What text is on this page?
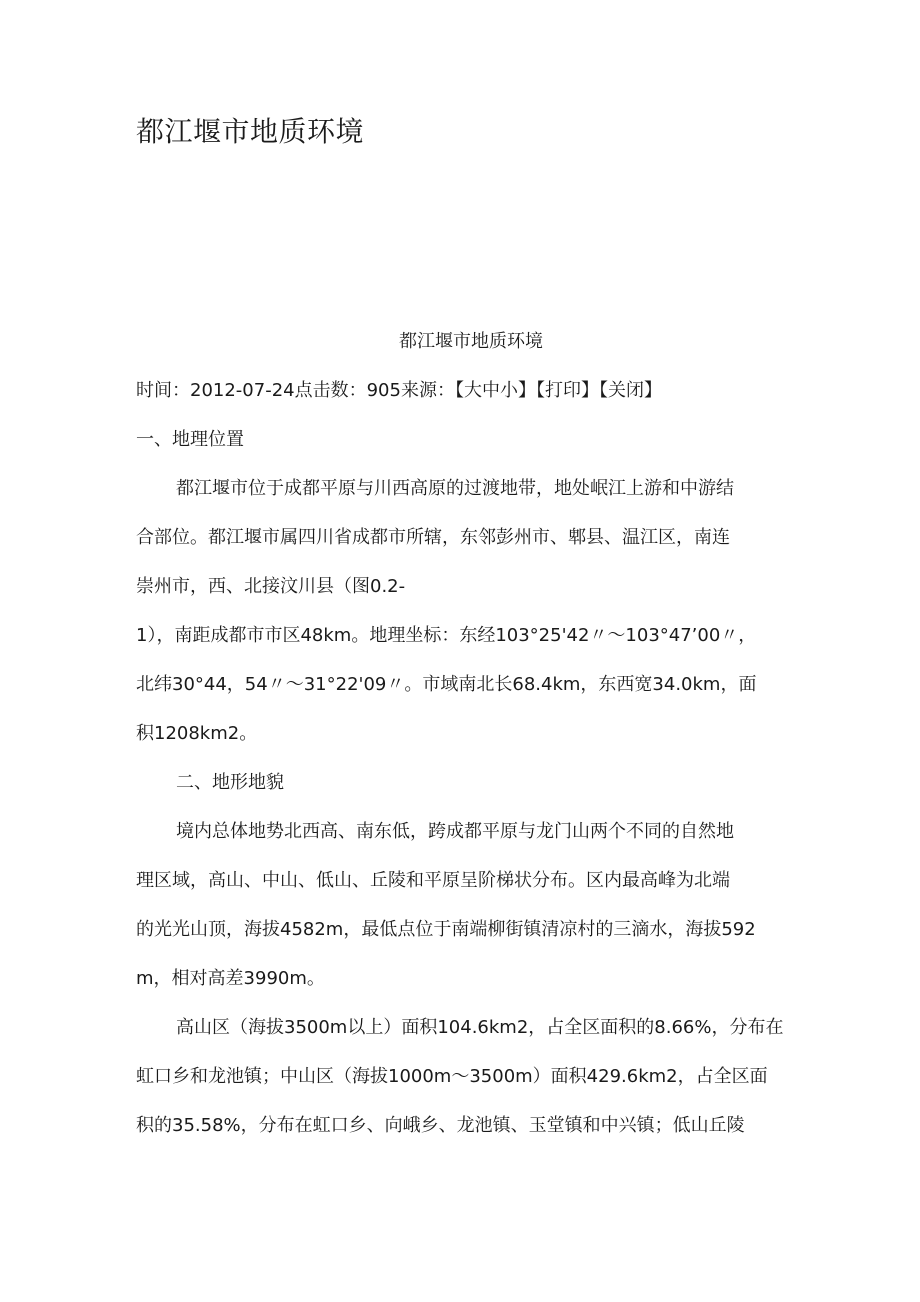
都江堰市地质环境
都江堰市地质环境
时间：2012-07-24点击数：905来源：【大中小】【打印】【关闭】
一、地理位置
都江堰市位于成都平原与川西高原的过渡地带，地处岷江上游和中游结
合部位。都江堰市属四川省成都市所辖，东邻彭州市、郫县、温江区，南连
崇州市，西、北接汶川县（图0.2-
1），南距成都市市区48km。地理坐标：东经103°25'42〃～103°47’00〃，
北纬30°44，54〃～31°22'09〃。市域南北长68.4km，东西宽34.0km，面
积1208km2。
二、地形地貌
境内总体地势北西高、南东低，跨成都平原与龙门山两个不同的自然地
理区域，高山、中山、低山、丘陵和平原呈阶梯状分布。区内最高峰为北端
的光光山顶，海拔4582m，最低点位于南端柳街镇清凉村的三滴水，海拔592
m，相对高差3990m。
高山区（海拔3500m以上）面积104.6km2，占全区面积的8.66%，分布在
虹口乡和龙池镇；中山区（海拔1000m～3500m）面积429.6km2，占全区面
积的35.58%，分布在虹口乡、向峨乡、龙池镇、玉堂镇和中兴镇；低山丘陵
